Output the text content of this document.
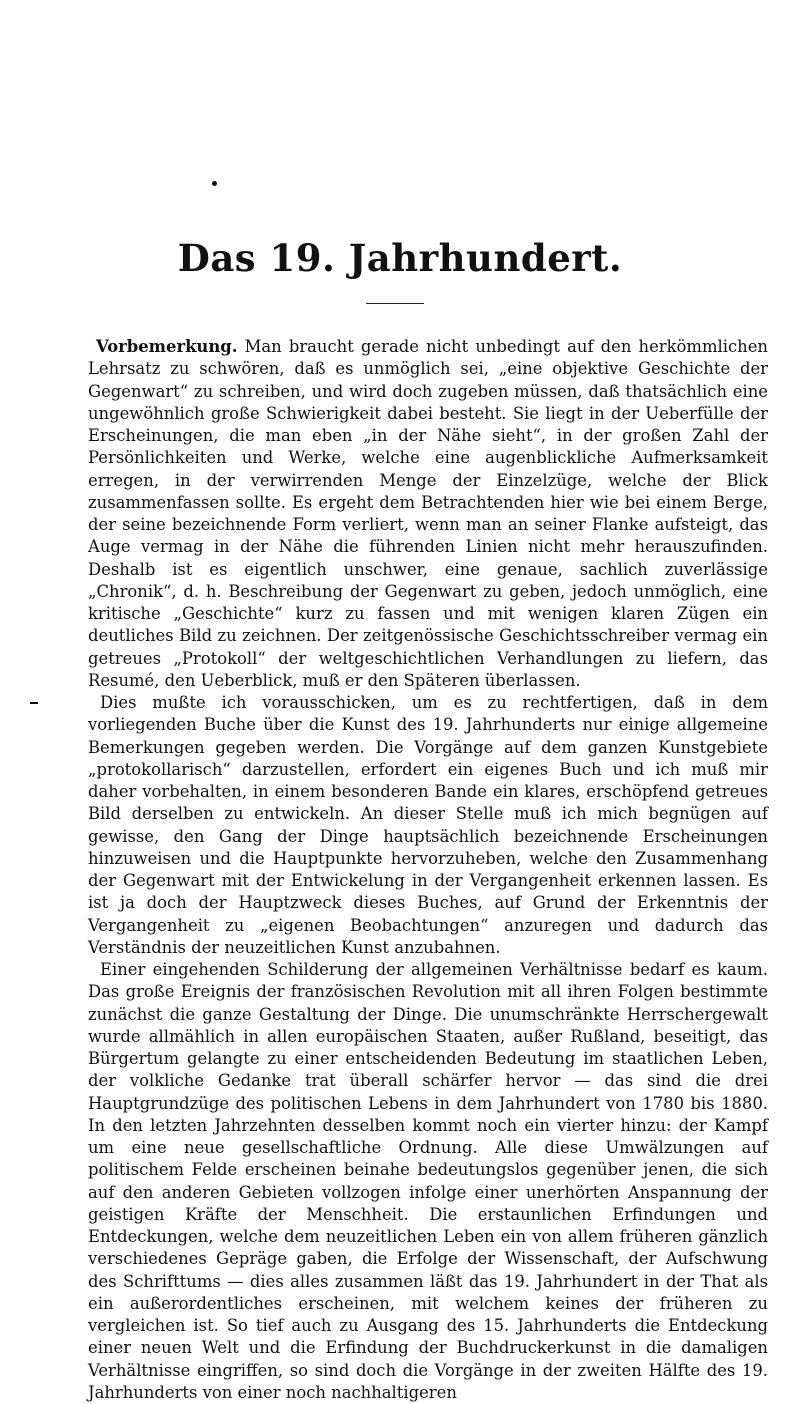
Das 19. Jahrhundert.

Vorbemerkung. Man braucht gerade nicht unbedingt auf den herkömmlichen Lehrsatz zu schwören, daß es unmöglich sei, „eine objektive Geschichte der Gegenwart“ zu schreiben, und wird doch zugeben müssen, daß thatsächlich eine ungewöhnlich große Schwierigkeit dabei besteht. Sie liegt in der Ueberfülle der Erscheinungen, die man eben „in der Nähe sieht“, in der großen Zahl der Persönlichkeiten und Werke, welche eine augenblickliche Aufmerksamkeit erregen, in der verwirrenden Menge der Einzelzüge, welche der Blick zusammenfassen sollte. Es ergeht dem Betrachtenden hier wie bei einem Berge, der seine bezeichnende Form verliert, wenn man an seiner Flanke aufsteigt, das Auge vermag in der Nähe die führenden Linien nicht mehr herauszufinden. Deshalb ist es eigentlich unschwer, eine genaue, sachlich zuverlässige „Chronik“, d. h. Beschreibung der Gegenwart zu geben, jedoch unmöglich, eine kritische „Geschichte“ kurz zu fassen und mit wenigen klaren Zügen ein deutliches Bild zu zeichnen. Der zeitgenössische Geschichtsschreiber vermag ein getreues „Protokoll“ der weltgeschichtlichen Verhandlungen zu liefern, das Resumé, den Ueberblick, muß er den Späteren überlassen.

Dies mußte ich vorausschicken, um es zu rechtfertigen, daß in dem vorliegenden Buche über die Kunst des 19. Jahrhunderts nur einige allgemeine Bemerkungen gegeben werden. Die Vorgänge auf dem ganzen Kunstgebiete „protokollarisch“ darzustellen, erfordert ein eigenes Buch und ich muß mir daher vorbehalten, in einem besonderen Bande ein klares, erschöpfend getreues Bild derselben zu entwickeln. An dieser Stelle muß ich mich begnügen auf gewisse, den Gang der Dinge hauptsächlich bezeichnende Erscheinungen hinzuweisen und die Hauptpunkte hervorzuheben, welche den Zusammenhang der Gegenwart mit der Entwickelung in der Vergangenheit erkennen lassen. Es ist ja doch der Hauptzweck dieses Buches, auf Grund der Erkenntnis der Vergangenheit zu „eigenen Beobachtungen“ anzuregen und dadurch das Verständnis der neuzeitlichen Kunst anzubahnen.

Einer eingehenden Schilderung der allgemeinen Verhältnisse bedarf es kaum. Das große Ereignis der französischen Revolution mit all ihren Folgen bestimmte zunächst die ganze Gestaltung der Dinge. Die unumschränkte Herrschergewalt wurde allmählich in allen europäischen Staaten, außer Rußland, beseitigt, das Bürgertum gelangte zu einer entscheidenden Bedeutung im staatlichen Leben, der volkliche Gedanke trat überall schärfer hervor — das sind die drei Hauptgrundzüge des politischen Lebens in dem Jahrhundert von 1780 bis 1880. In den letzten Jahrzehnten desselben kommt noch ein vierter hinzu: der Kampf um eine neue gesellschaftliche Ordnung. Alle diese Umwälzungen auf politischem Felde erscheinen beinahe bedeutungslos gegenüber jenen, die sich auf den anderen Gebieten vollzogen infolge einer unerhörten Anspannung der geistigen Kräfte der Menschheit. Die erstaunlichen Erfindungen und Entdeckungen, welche dem neuzeitlichen Leben ein von allem früheren gänzlich verschiedenes Gepräge gaben, die Erfolge der Wissenschaft, der Aufschwung des Schrifttums — dies alles zusammen läßt das 19. Jahrhundert in der That als ein außerordentliches erscheinen, mit welchem keines der früheren zu vergleichen ist. So tief auch zu Ausgang des 15. Jahrhunderts die Entdeckung einer neuen Welt und die Erfindung der Buchdruckerkunst in die damaligen Verhältnisse eingriffen, so sind doch die Vorgänge in der zweiten Hälfte des 19. Jahrhunderts von einer noch nachhaltigeren
